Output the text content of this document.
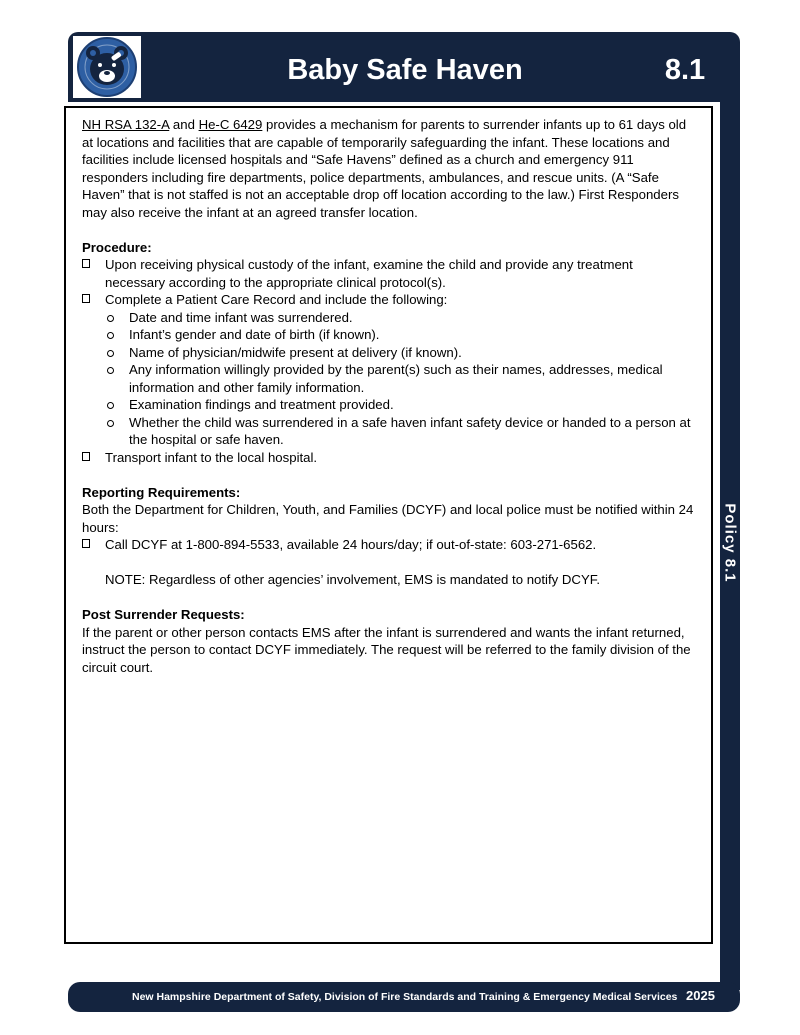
Baby Safe Haven	8.1
Policy 8.1

NH RSA 132-A and He-C 6429 provides a mechanism for parents to surrender infants up to 61 days old at locations and facilities that are capable of temporarily safeguarding the infant. These locations and facilities include licensed hospitals and “Safe Havens” defined as a church and emergency 911 responders including fire departments, police departments, ambulances, and rescue units. (A “Safe Haven” that is not staffed is not an acceptable drop off location according to the law.) First Responders may also receive the infant at an agreed transfer location.

Procedure:

Upon receiving physical custody of the infant, examine the child and provide any treatment necessary according to the appropriate clinical protocol(s).
Complete a Patient Care Record and include the following:
Date and time infant was surrendered.
Infant’s gender and date of birth (if known).
Name of physician/midwife present at delivery (if known).
Any information willingly provided by the parent(s) such as their names, addresses, medical information and other family information.
Examination findings and treatment provided.
Whether the child was surrendered in a safe haven infant safety device or handed to a person at the hospital or safe haven.
Transport infant to the local hospital.

Reporting Requirements:

Both the Department for Children, Youth, and Families (DCYF) and local police must be notified within 24 hours:

Call DCYF at 1-800-894-5533, available 24 hours/day; if out-of-state: 603-271-6562.

NOTE: Regardless of other agencies’ involvement, EMS is mandated to notify DCYF.

Post Surrender Requests:

If the parent or other person contacts EMS after the infant is surrendered and wants the infant returned, instruct the person to contact DCYF immediately. The request will be referred to the family division of the circuit court.

New Hampshire Department of Safety, Division of Fire Standards and Training & Emergency Medical Services 2025
